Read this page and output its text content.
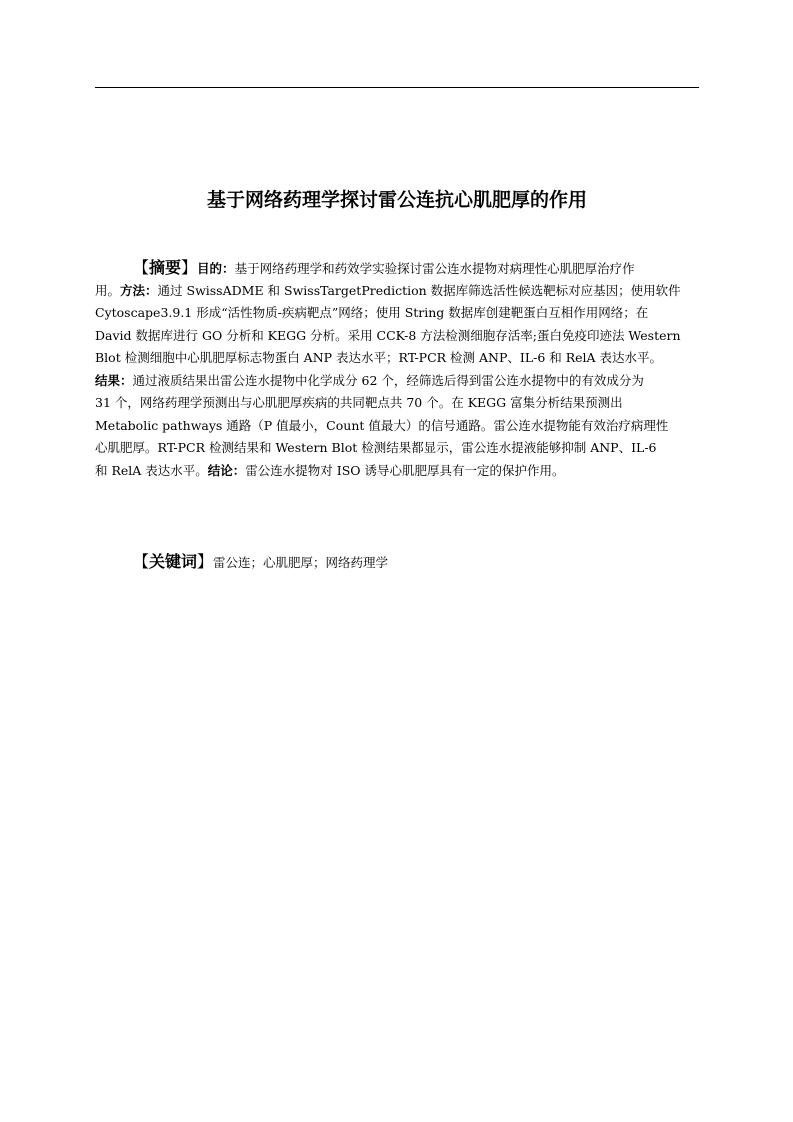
基于网络药理学探讨雷公连抗心肌肥厚的作用
【摘要】目的：基于网络药理学和药效学实验探讨雷公连水提物对病理性心肌肥厚治疗作
用。方法：通过 SwissADME 和 SwissTargetPrediction 数据库筛选活性候选靶标对应基因；使用软件
Cytoscape3.9.1 形成“活性物质-疾病靶点”网络；使用 String 数据库创建靶蛋白互相作用网络；在
David 数据库进行 GO 分析和 KEGG 分析。采用 CCK-8 方法检测细胞存活率;蛋白免疫印迹法 Western
Blot 检测细胞中心肌肥厚标志物蛋白 ANP 表达水平；RT-PCR 检测 ANP、IL-6 和 RelA 表达水平。
结果：通过液质结果出雷公连水提物中化学成分 62 个，经筛选后得到雷公连水提物中的有效成分为
31 个，网络药理学预测出与心肌肥厚疾病的共同靶点共 70 个。在 KEGG 富集分析结果预测出
Metabolic pathways 通路（P 值最小，Count 值最大）的信号通路。雷公连水提物能有效治疗病理性
心肌肥厚。RT-PCR 检测结果和 Western Blot 检测结果都显示，雷公连水提液能够抑制 ANP、IL-6
和 RelA 表达水平。结论：雷公连水提物对 ISO 诱导心肌肥厚具有一定的保护作用。
【关键词】雷公连；心肌肥厚；网络药理学
